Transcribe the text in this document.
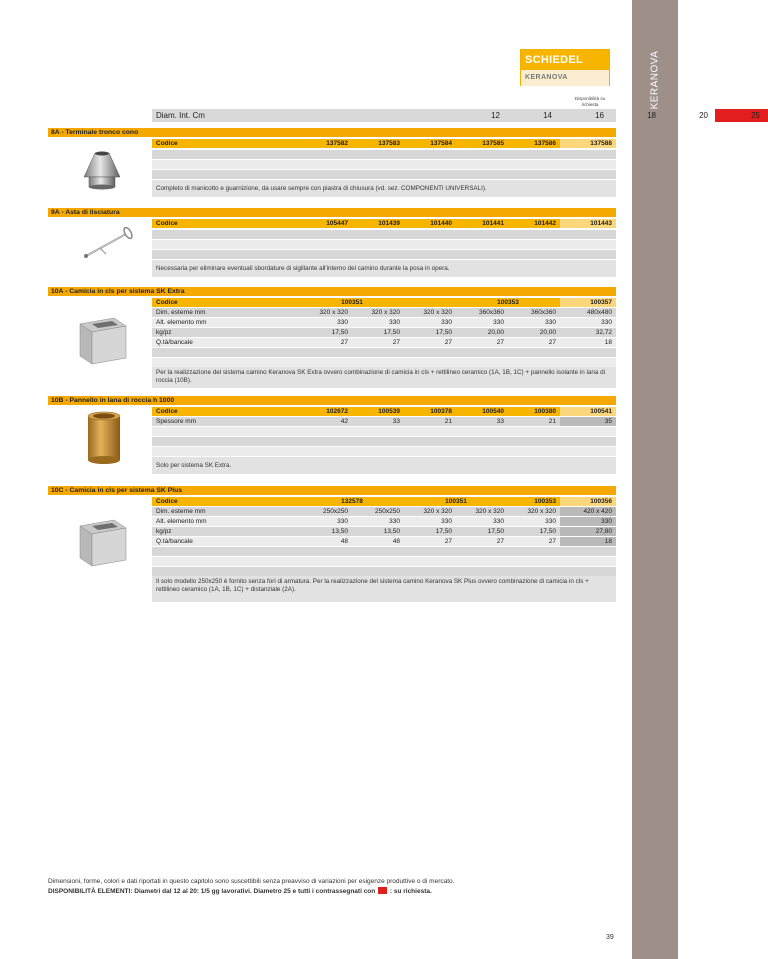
KERANOVA
SCHIEDEL
KERANOVA
Disponibilità su richiesta
Diam. Int. Cm	12	14	16	18	20	25
8A - Terminale tronco cono
Codice	137582	137583	137584	137585	137586	137588
Completo di manicotto e guarnizione, da usare sempre con piastra di chiusura (vd. sez. COMPONENTI UNIVERSALI).
9A - Asta di lisciatura
Codice	105447	101439	101440	101441	101442	101443
Necessaria per eliminare eventuali sbordature di sigillante all'interno del camino durante la posa in opera.
10A - Camicia in cls per sistema SK Extra
Codice	100351	100353	100357
Dim. esterne mm	320 x 320	320 x 320	320 x 320	360x360	360x360	480x480
Alt. elemento mm	330	330	330	330	330	330
kg/pz	17,50	17,50	17,50	20,00	20,00	32,72
Q.tà/bancale	27	27	27	27	27	18
Per la realizzazione del sistema camino Keranova SK Extra ovvero combinazione di camicia in cls + rettilineo ceramico (1A, 1B, 1C) + pannello isolante in lana di roccia (10B).
10B - Pannello in lana di roccia h 1000
Codice	102672	100539	100378	100540	100380	100541
Spessore mm	42	33	21	33	21	35
Solo per sistema SK Extra.
10C - Camicia in cls per sistema SK Plus
Codice	132578	100351	100353	100356
Dim. esterne mm	250x250	250x250	320 x 320	320 x 320	320 x 320	420 x 420
Alt. elemento mm	330	330	330	330	330	330
kg/pz	13,50	13,50	17,50	17,50	17,50	27,80
Q.tà/bancale	48	48	27	27	27	18
Il solo modello 250x250 è fornito senza fori di armatura. Per la realizzazione del sistema camino Keranova SK Plus ovvero combinazione di camicia in cls + rettilineo ceramico (1A, 1B, 1C) + distanziale (2A).
Dimensioni, forme, colori e dati riportati in questo capitolo sono suscettibili senza preavviso di variazioni per esigenze produttive o di mercato.
DISPONIBILITÀ ELEMENTI: Diametri dal 12 al 20: 1/5 gg lavorativi. Diametro 25 e tutti i contrassegnati con : su richiesta.
39
